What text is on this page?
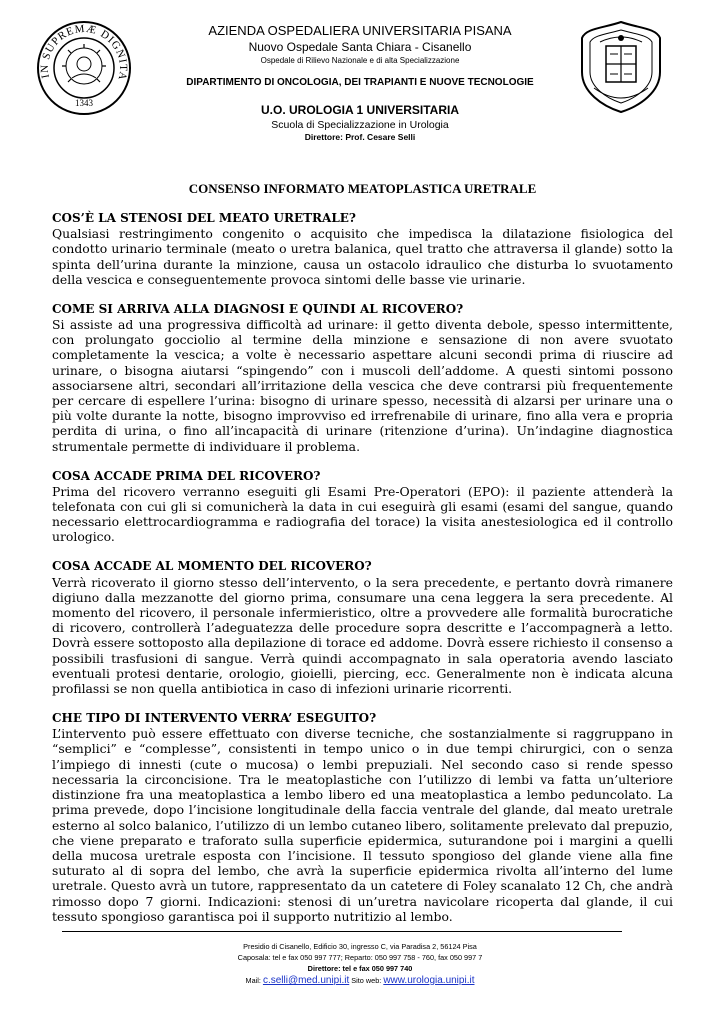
IN SUPREMÆ DIGNITA
1343
AZIENDA OSPEDALIERA UNIVERSITARIA PISANA
Nuovo Ospedale Santa Chiara - Cisanello
Ospedale di Rilievo Nazionale e di alta Specializzazione
DIPARTIMENTO DI ONCOLOGIA, DEI TRAPIANTI E NUOVE TECNOLOGIE
U.O. UROLOGIA 1 UNIVERSITARIA
Scuola di Specializzazione in Urologia
Direttore: Prof. Cesare Selli
CONSENSO INFORMATO MEATOPLASTICA URETRALE
COS’È LA STENOSI DEL MEATO URETRALE?

Qualsiasi restringimento congenito o acquisito che impedisca la dilatazione fisiologica del condotto urinario terminale (meato o uretra balanica, quel tratto che attraversa il glande) sotto la spinta dell’urina durante la minzione, causa un ostacolo idraulico che disturba lo svuotamento della vescica e conseguentemente provoca sintomi delle basse vie urinarie.

COME SI ARRIVA ALLA DIAGNOSI E QUINDI AL RICOVERO?

Si assiste ad una progressiva difficoltà ad urinare: il getto diventa debole, spesso intermittente, con prolungato gocciolio al termine della minzione e sensazione di non avere svuotato completamente la vescica; a volte è necessario aspettare alcuni secondi prima di riuscire ad urinare, o bisogna aiutarsi “spingendo” con i muscoli dell’addome. A questi sintomi possono associarsene altri, secondari all’irritazione della vescica che deve contrarsi più frequentemente per cercare di espellere l’urina: bisogno di urinare spesso, necessità di alzarsi per urinare una o più volte durante la notte, bisogno improvviso ed irrefrenabile di urinare, fino alla vera e propria perdita di urina, o fino all’incapacità di urinare (ritenzione d’urina). Un’indagine diagnostica strumentale permette di individuare il problema.

COSA ACCADE PRIMA DEL RICOVERO?

Prima del ricovero verranno eseguiti gli Esami Pre-Operatori (EPO): il paziente attenderà la telefonata con cui gli si comunicherà la data in cui eseguirà gli esami (esami del sangue, quando necessario elettrocardiogramma e radiografia del torace) la visita anestesiologica ed il controllo urologico.

COSA ACCADE AL MOMENTO DEL RICOVERO?

Verrà ricoverato il giorno stesso dell’intervento, o la sera precedente, e pertanto dovrà rimanere digiuno dalla mezzanotte del giorno prima, consumare una cena leggera la sera precedente. Al momento del ricovero, il personale infermieristico, oltre a provvedere alle formalità burocratiche di ricovero, controllerà l’adeguatezza delle procedure sopra descritte e l’accompagnerà a letto. Dovrà essere sottoposto alla depilazione di torace ed addome. Dovrà essere richiesto il consenso a possibili trasfusioni di sangue. Verrà quindi accompagnato in sala operatoria avendo lasciato eventuali protesi dentarie, orologio, gioielli, piercing, ecc. Generalmente non è indicata alcuna profilassi se non quella antibiotica in caso di infezioni urinarie ricorrenti.

CHE TIPO DI INTERVENTO VERRA’ ESEGUITO?

L’intervento può essere effettuato con diverse tecniche, che sostanzialmente si raggruppano in “semplici” e “complesse”, consistenti in tempo unico o in due tempi chirurgici, con o senza l’impiego di innesti (cute o mucosa) o lembi prepuziali. Nel secondo caso si rende spesso necessaria la circoncisione. Tra le meatoplastiche con l’utilizzo di lembi va fatta un’ulteriore distinzione fra una meatoplastica a lembo libero ed una meatoplastica a lembo peduncolato. La prima prevede, dopo l’incisione longitudinale della faccia ventrale del glande, dal meato uretrale esterno al solco balanico, l’utilizzo di un lembo cutaneo libero, solitamente prelevato dal prepuzio, che viene preparato e traforato sulla superficie epidermica, suturandone poi i margini a quelli della mucosa uretrale esposta con l’incisione. Il tessuto spongioso del glande viene alla fine suturato al di sopra del lembo, che avrà la superficie epidermica rivolta all’interno del lume uretrale. Questo avrà un tutore, rappresentato da un catetere di Foley scanalato 12 Ch, che andrà rimosso dopo 7 giorni. Indicazioni: stenosi di un’uretra navicolare ricoperta dal glande, il cui tessuto spongioso garantisca poi il supporto nutritizio al lembo.

Presidio di Cisanello, Edificio 30, ingresso C, via Paradisa 2, 56124 Pisa
Caposala: tel e fax 050 997 777; Reparto: 050 997 758 - 760, fax 050 997 7
Direttore: tel e fax 050 997 740
Mail: c.selli@med.unipi.it Sito web: www.urologia.unipi.it
